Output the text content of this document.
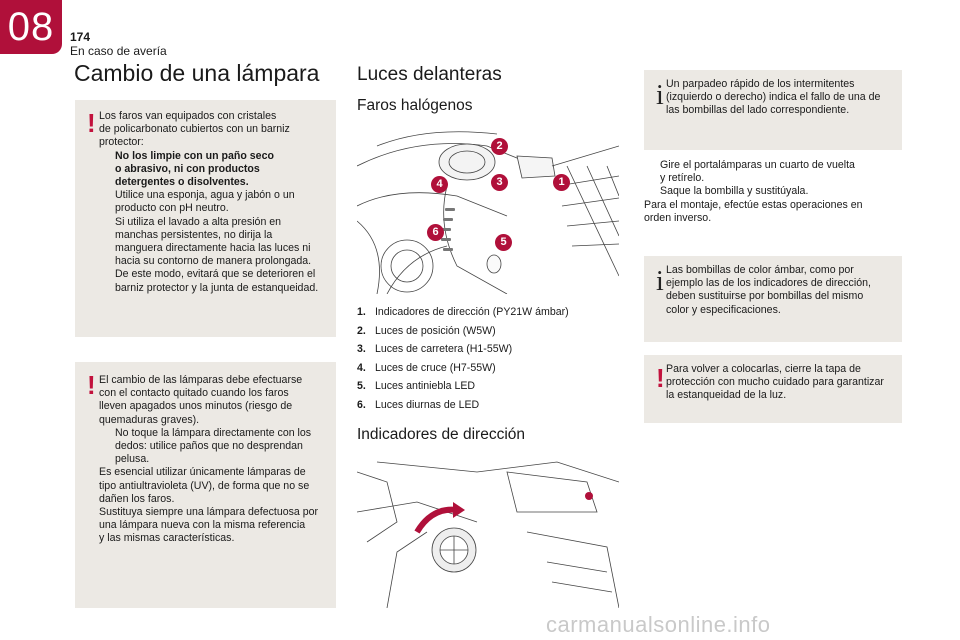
08	174
En caso de avería
Cambio de una lámpara
! Los faros van equipados con cristales
de policarbonato cubiertos con un barniz
protector:
No los limpie con un paño seco
o abrasivo, ni con productos
detergentes o disolventes.
Utilice una esponja, agua y jabón o un
producto con pH neutro.
Si utiliza el lavado a alta presión en
manchas persistentes, no dirija la
manguera directamente hacia las luces ni
hacia su contorno de manera prolongada.
De este modo, evitará que se deterioren el
barniz protector y la junta de estanqueidad.
! El cambio de las lámparas debe efectuarse
con el contacto quitado cuando los faros
lleven apagados unos minutos (riesgo de
quemaduras graves).
No toque la lámpara directamente con los
dedos: utilice paños que no desprendan
pelusa.
Es esencial utilizar únicamente lámparas de
tipo antiultravioleta (UV), de forma que no se
dañen los faros.
Sustituya siempre una lámpara defectuosa por
una lámpara nueva con la misma referencia
y las mismas características.
Luces delanteras
Faros halógenos
2
1
3
4
5
6
1. Indicadores de dirección (PY21W ámbar)
2. Luces de posición (W5W)
3. Luces de carretera (H1-55W)
4. Luces de cruce (H7-55W)
5. Luces antiniebla LED
6. Luces diurnas de LED
Indicadores de dirección
i Un parpadeo rápido de los intermitentes
(izquierdo o derecho) indica el fallo de una de
las bombillas del lado correspondiente.
Gire el portalámparas un cuarto de vuelta
y retírelo.
Saque la bombilla y sustitúyala.
Para el montaje, efectúe estas operaciones en
orden inverso.
i Las bombillas de color ámbar, como por
ejemplo las de los indicadores de dirección,
deben sustituirse por bombillas del mismo
color y especificaciones.
! Para volver a colocarlas, cierre la tapa de
protección con mucho cuidado para garantizar
la estanqueidad de la luz.
carmanualsonline.info
